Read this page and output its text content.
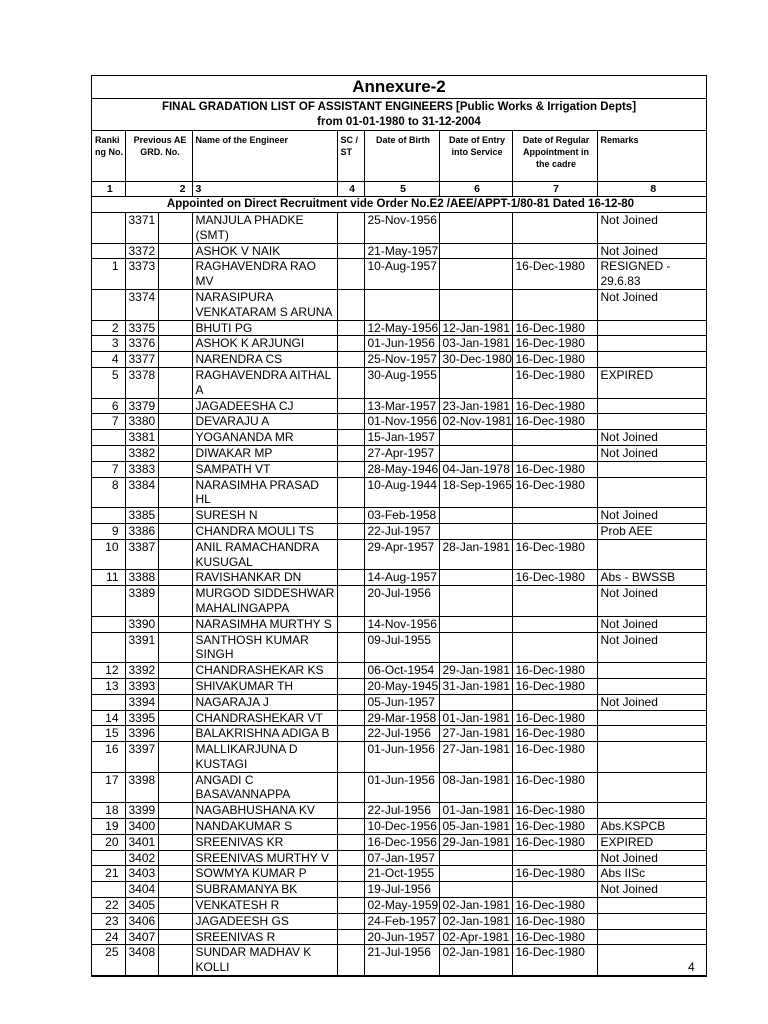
Annexure-2
FINAL GRADATION LIST OF ASSISTANT ENGINEERS [Public Works & Irrigation Depts]
from 01-01-1980 to 31-12-2004
Ranki ng No.	Previous AE GRD. No.		Name of the Engineer	SC / ST	Date of Birth	Date of Entry into Service	Date of Regular Appointment in the cadre	Remarks
1	2		3	4	5	6	7	8
Appointed on Direct Recruitment vide Order No.E2 /AEE/APPT-1/80-81 Dated 16-12-80								
	3371		MANJULA PHADKE (SMT)		25-Nov-1956			Not Joined
	3372		ASHOK V NAIK		21-May-1957			Not Joined
1	3373		RAGHAVENDRA RAO MV		10-Aug-1957		16-Dec-1980	RESIGNED - 29.6.83
	3374		NARASIPURA VENKATARAM S ARUNA					Not Joined
2	3375		BHUTI PG		12-May-1956	12-Jan-1981	16-Dec-1980	
3	3376		ASHOK K ARJUNGI		01-Jun-1956	03-Jan-1981	16-Dec-1980	
4	3377		NARENDRA CS		25-Nov-1957	30-Dec-1980	16-Dec-1980	
5	3378		RAGHAVENDRA AITHAL A		30-Aug-1955		16-Dec-1980	EXPIRED
6	3379		JAGADEESHA CJ		13-Mar-1957	23-Jan-1981	16-Dec-1980	
7	3380		DEVARAJU A		01-Nov-1956	02-Nov-1981	16-Dec-1980	
	3381		YOGANANDA MR		15-Jan-1957			Not Joined
	3382		DIWAKAR MP		27-Apr-1957			Not Joined
7	3383		SAMPATH VT		28-May-1946	04-Jan-1978	16-Dec-1980	
8	3384		NARASIMHA PRASAD HL		10-Aug-1944	18-Sep-1965	16-Dec-1980	
	3385		SURESH N		03-Feb-1958			Not Joined
9	3386		CHANDRA MOULI TS		22-Jul-1957			Prob AEE
10	3387		ANIL RAMACHANDRA KUSUGAL		29-Apr-1957	28-Jan-1981	16-Dec-1980	
11	3388		RAVISHANKAR DN		14-Aug-1957		16-Dec-1980	Abs - BWSSB
	3389		MURGOD SIDDESHWAR MAHALINGAPPA		20-Jul-1956			Not Joined
	3390		NARASIMHA MURTHY S		14-Nov-1956			Not Joined
	3391		SANTHOSH KUMAR SINGH		09-Jul-1955			Not Joined
12	3392		CHANDRASHEKAR KS		06-Oct-1954	29-Jan-1981	16-Dec-1980	
13	3393		SHIVAKUMAR TH		20-May-1945	31-Jan-1981	16-Dec-1980	
	3394		NAGARAJA J		05-Jun-1957			Not Joined
14	3395		CHANDRASHEKAR VT		29-Mar-1958	01-Jan-1981	16-Dec-1980	
15	3396		BALAKRISHNA ADIGA B		22-Jul-1956	27-Jan-1981	16-Dec-1980	
16	3397		MALLIKARJUNA D KUSTAGI		01-Jun-1956	27-Jan-1981	16-Dec-1980	
17	3398		ANGADI C BASAVANNAPPA		01-Jun-1956	08-Jan-1981	16-Dec-1980	
18	3399		NAGABHUSHANA KV		22-Jul-1956	01-Jan-1981	16-Dec-1980	
19	3400		NANDAKUMAR S		10-Dec-1956	05-Jan-1981	16-Dec-1980	Abs.KSPCB
20	3401		SREENIVAS KR		16-Dec-1956	29-Jan-1981	16-Dec-1980	EXPIRED
	3402		SREENIVAS MURTHY V		07-Jan-1957			Not Joined
21	3403		SOWMYA KUMAR P		21-Oct-1955		16-Dec-1980	Abs IISc
	3404		SUBRAMANYA BK		19-Jul-1956			Not Joined
22	3405		VENKATESH R		02-May-1959	02-Jan-1981	16-Dec-1980	
23	3406		JAGADEESH GS		24-Feb-1957	02-Jan-1981	16-Dec-1980	
24	3407		SREENIVAS R		20-Jun-1957	02-Apr-1981	16-Dec-1980	
25	3408		SUNDAR MADHAV K KOLLI		21-Jul-1956	02-Jan-1981	16-Dec-1980	
4
